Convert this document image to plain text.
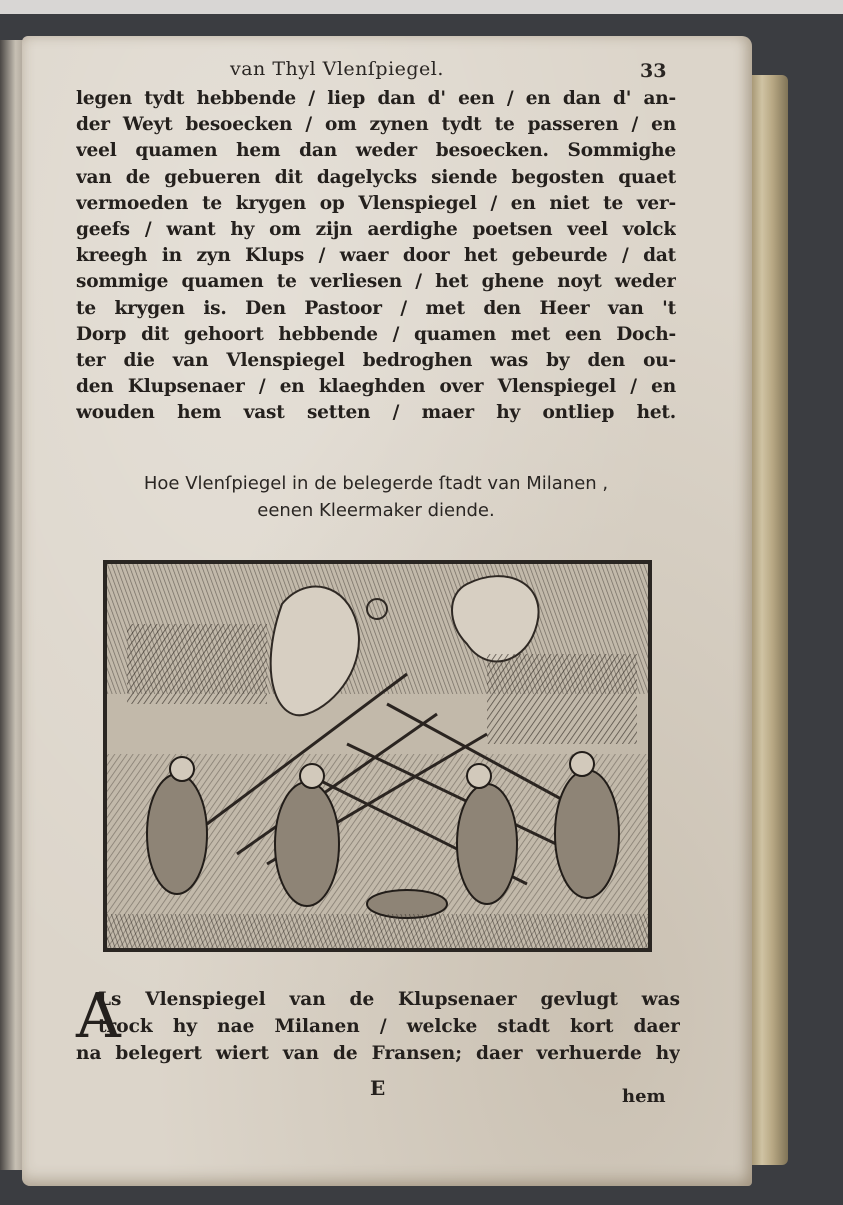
van Thyl Vlenſpiegel.	33
legen tydt hebbende / liep dan d' een / en dan d' an-
der Weyt besoecken / om zynen tydt te passeren / en
veel quamen hem dan weder besoecken. Sommighe
van de gebueren dit dagelycks siende begosten quaet
vermoeden te krygen op Vlenspiegel / en niet te ver-
geefs / want hy om zijn aerdighe poetsen veel volck
kreegh in zyn Klups / waer door het gebeurde / dat
sommige quamen te verliesen / het ghene noyt weder
te krygen is. Den Pastoor / met den Heer van 't
Dorp dit gehoort hebbende / quamen met een Doch-
ter die van Vlenspiegel bedroghen was by den ou-
den Klupsenaer / en klaeghden over Vlenspiegel / en
wouden hem vast setten / maer hy ontliep het.
Hoe Vlenſpiegel in de belegerde ſtadt van Milanen ,
eenen Kleermaker diende.
A
Ls Vlenspiegel van de Klupsenaer gevlugt was
trock hy nae Milanen / welcke stadt kort daer
na belegert wiert van de Fransen; daer verhuerde hy
E	hem
